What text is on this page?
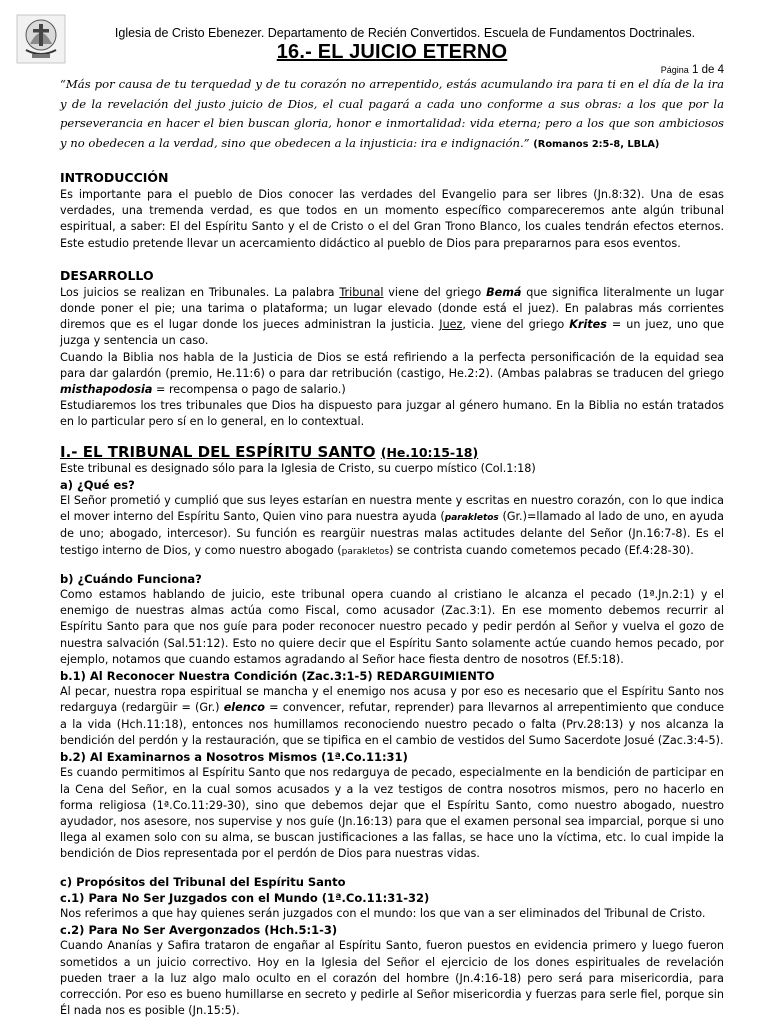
Iglesia de Cristo Ebenezer. Departamento de Recién Convertidos. Escuela de Fundamentos Doctrinales.
16.- EL JUICIO ETERNO
Página 1 de 4
“Más por causa de tu terquedad y de tu corazón no arrepentido, estás acumulando ira para ti en el día de la ira y de la revelación del justo juicio de Dios, el cual pagará a cada uno conforme a sus obras: a los que por la perseverancia en hacer el bien buscan gloria, honor e inmortalidad: vida eterna; pero a los que son ambiciosos y no obedecen a la verdad, sino que obedecen a la injusticia: ira e indignación.” (Romanos 2:5-8, LBLA)
INTRODUCCIÓN

Es importante para el pueblo de Dios conocer las verdades del Evangelio para ser libres (Jn.8:32). Una de esas verdades, una tremenda verdad, es que todos en un momento específico compareceremos ante algún tribunal espiritual, a saber: El del Espíritu Santo y el de Cristo o el del Gran Trono Blanco, los cuales tendrán efectos eternos. Este estudio pretende llevar un acercamiento didáctico al pueblo de Dios para prepararnos para esos eventos.

DESARROLLO

Los juicios se realizan en Tribunales. La palabra Tribunal viene del griego Bemá que significa literalmente un lugar donde poner el pie; una tarima o plataforma; un lugar elevado (donde está el juez). En palabras más corrientes diremos que es el lugar donde los jueces administran la justicia. Juez, viene del griego Krites = un juez, uno que juzga y sentencia un caso.

Cuando la Biblia nos habla de la Justicia de Dios se está refiriendo a la perfecta personificación de la equidad sea para dar galardón (premio, He.11:6) o para dar retribución (castigo, He.2:2). (Ambas palabras se traducen del griego misthapodosia = recompensa o pago de salario.)

Estudiaremos los tres tribunales que Dios ha dispuesto para juzgar al género humano. En la Biblia no están tratados en lo particular pero sí en lo general, en lo contextual.

I.- EL TRIBUNAL DEL ESPÍRITU SANTO (He.10:15-18)

Este tribunal es designado sólo para la Iglesia de Cristo, su cuerpo místico (Col.1:18)

a) ¿Qué es?

El Señor prometió y cumplió que sus leyes estarían en nuestra mente y escritas en nuestro corazón, con lo que indica el mover interno del Espíritu Santo, Quien vino para nuestra ayuda (parakletos (Gr.)=llamado al lado de uno, en ayuda de uno; abogado, intercesor). Su función es reargüir nuestras malas actitudes delante del Señor (Jn.16:7-8). Es el testigo interno de Dios, y como nuestro abogado (parakletos) se contrista cuando cometemos pecado (Ef.4:28-30).

b) ¿Cuándo Funciona?

Como estamos hablando de juicio, este tribunal opera cuando al cristiano le alcanza el pecado (1ª.Jn.2:1) y el enemigo de nuestras almas actúa como Fiscal, como acusador (Zac.3:1). En ese momento debemos recurrir al Espíritu Santo para que nos guíe para poder reconocer nuestro pecado y pedir perdón al Señor y vuelva el gozo de nuestra salvación (Sal.51:12). Esto no quiere decir que el Espíritu Santo solamente actúe cuando hemos pecado, por ejemplo, notamos que cuando estamos agradando al Señor hace fiesta dentro de nosotros (Ef.5:18).

b.1) Al Reconocer Nuestra Condición (Zac.3:1-5) REDARGUIMIENTO

Al pecar, nuestra ropa espiritual se mancha y el enemigo nos acusa y por eso es necesario que el Espíritu Santo nos redarguya (redargüir = (Gr.) elenco = convencer, refutar, reprender) para llevarnos al arrepentimiento que conduce a la vida (Hch.11:18), entonces nos humillamos reconociendo nuestro pecado o falta (Prv.28:13) y nos alcanza la bendición del perdón y la restauración, que se tipifica en el cambio de vestidos del Sumo Sacerdote Josué (Zac.3:4-5).

b.2) Al Examinarnos a Nosotros Mismos (1ª.Co.11:31)

Es cuando permitimos al Espíritu Santo que nos redarguya de pecado, especialmente en la bendición de participar en la Cena del Señor, en la cual somos acusados y a la vez testigos de contra nosotros mismos, pero no hacerlo en forma religiosa (1ª.Co.11:29-30), sino que debemos dejar que el Espíritu Santo, como nuestro abogado, nuestro ayudador, nos asesore, nos supervise y nos guíe (Jn.16:13) para que el examen personal sea imparcial, porque si uno llega al examen solo con su alma, se buscan justificaciones a las fallas, se hace uno la víctima, etc. lo cual impide la bendición de Dios representada por el perdón de Dios para nuestras vidas.

c) Propósitos del Tribunal del Espíritu Santo
c.1) Para No Ser Juzgados con el Mundo (1ª.Co.11:31-32)

Nos referimos a que hay quienes serán juzgados con el mundo: los que van a ser eliminados del Tribunal de Cristo.

c.2) Para No Ser Avergonzados (Hch.5:1-3)

Cuando Ananías y Safira trataron de engañar al Espíritu Santo, fueron puestos en evidencia primero y luego fueron sometidos a un juicio correctivo. Hoy en la Iglesia del Señor el ejercicio de los dones espirituales de revelación pueden traer a la luz algo malo oculto en el corazón del hombre (Jn.4:16-18) pero será para misericordia, para corrección. Por eso es bueno humillarse en secreto y pedirle al Señor misericordia y fuerzas para serle fiel, porque sin Él nada nos es posible (Jn.15:5).
